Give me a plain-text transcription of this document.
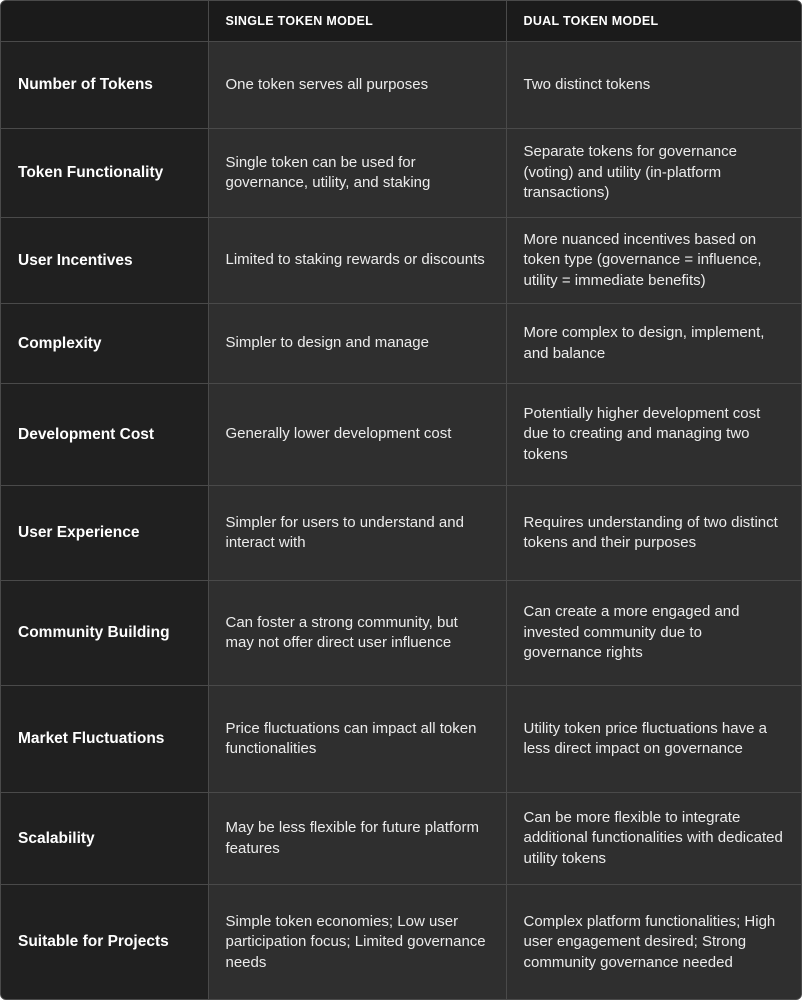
	SINGLE TOKEN MODEL	DUAL TOKEN MODEL
Number of Tokens	One token serves all purposes	Two distinct tokens
Token Functionality	Single token can be used for governance, utility, and staking	Separate tokens for governance (voting) and utility (in-platform transactions)
User Incentives	Limited to staking rewards or discounts	More nuanced incentives based on token type (governance = influence, utility = immediate benefits)
Complexity	Simpler to design and manage	More complex to design, implement, and balance
Development Cost	Generally lower development cost	Potentially higher development cost due to creating and managing two tokens
User Experience	Simpler for users to understand and interact with	Requires understanding of two distinct tokens and their purposes
Community Building	Can foster a strong community, but may not offer direct user influence	Can create a more engaged and invested community due to governance rights
Market Fluctuations	Price fluctuations can impact all token functionalities	Utility token price fluctuations have a less direct impact on governance
Scalability	May be less flexible for future platform features	Can be more flexible to integrate additional functionalities with dedicated utility tokens
Suitable for Projects	Simple token economies; Low user participation focus; Limited governance needs	Complex platform functionalities; High user engagement desired; Strong community governance needed
